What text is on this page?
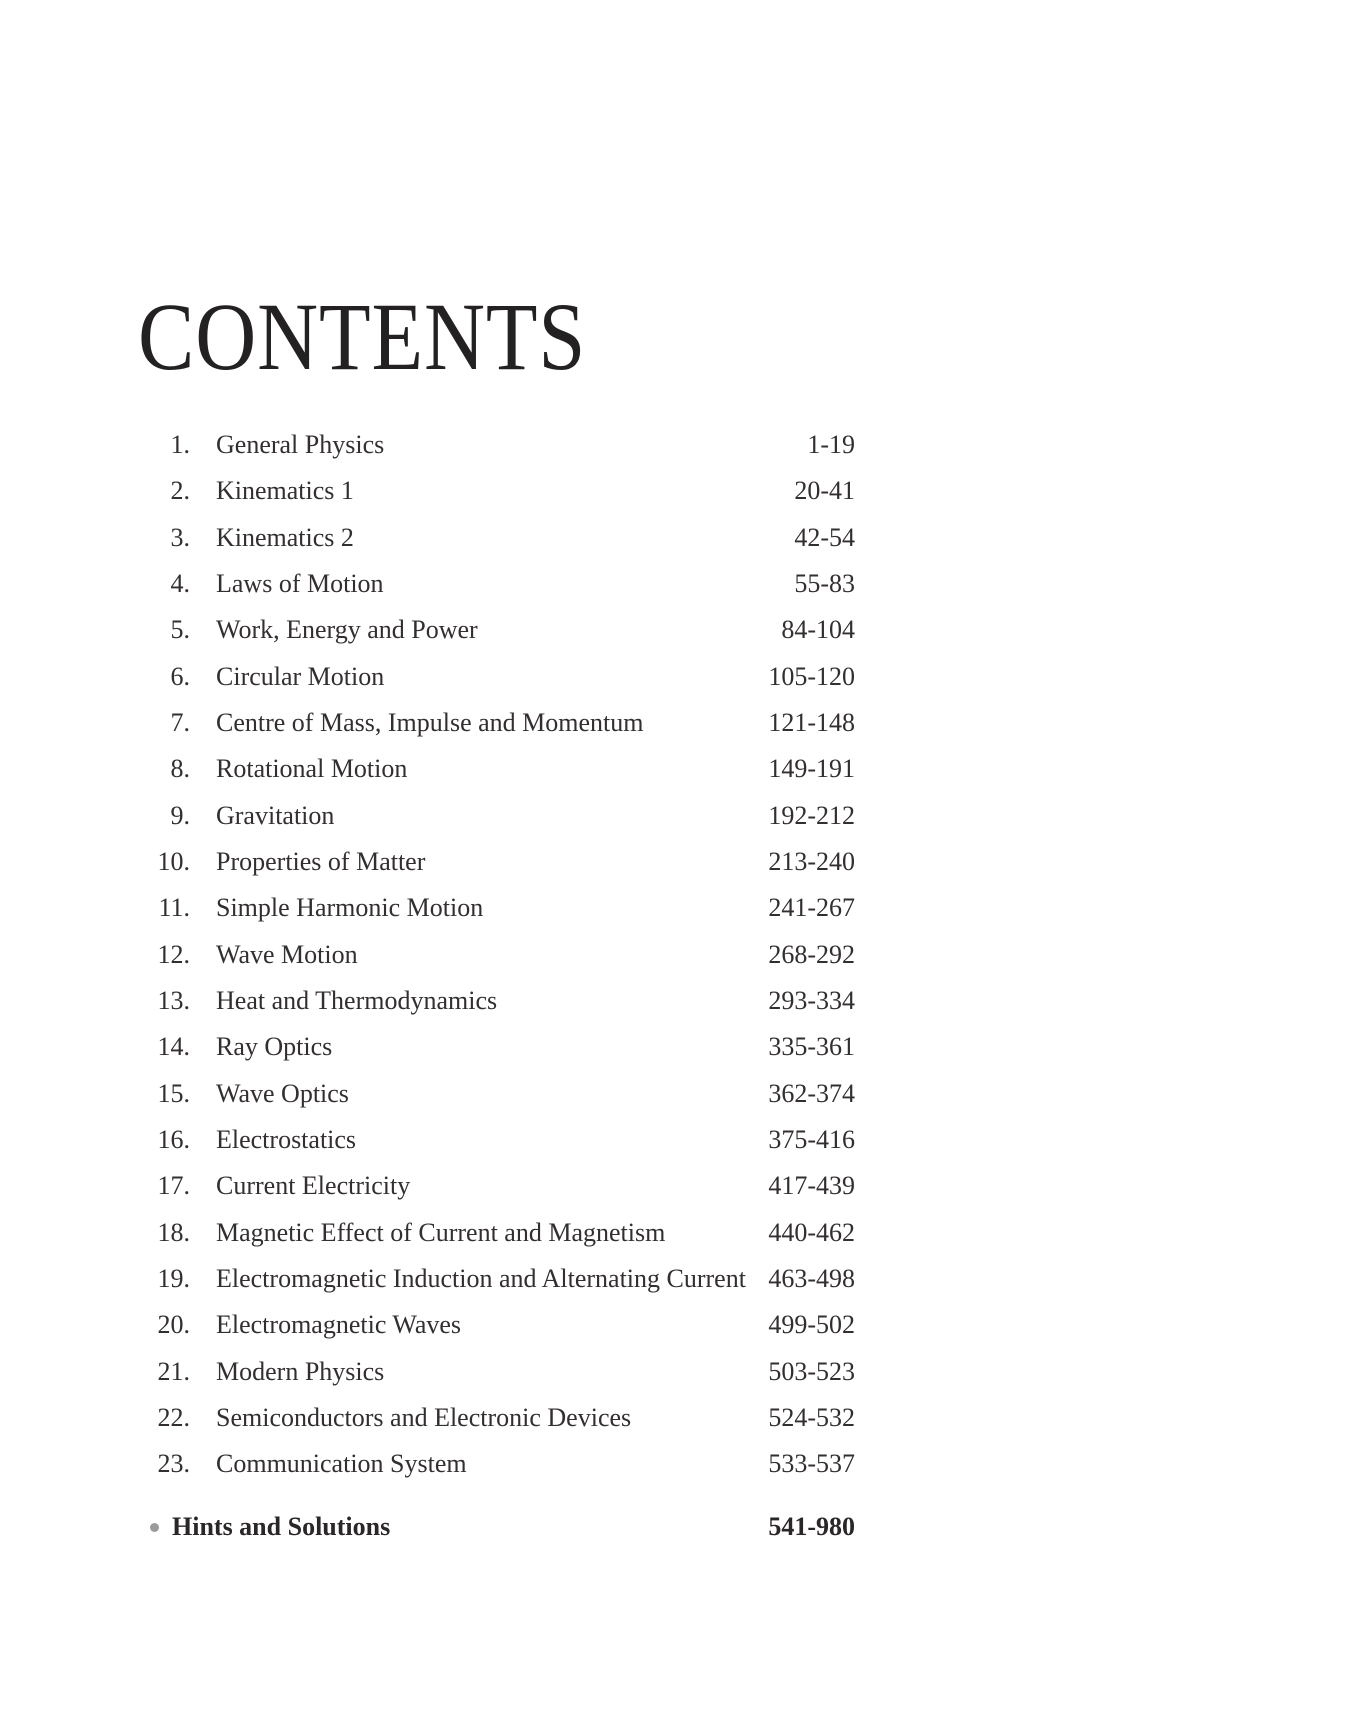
CONTENTS
1.	General Physics	1-19
2.	Kinematics 1	20-41
3.	Kinematics 2	42-54
4.	Laws of Motion	55-83
5.	Work, Energy and Power	84-104
6.	Circular Motion	105-120
7.	Centre of Mass, Impulse and Momentum	121-148
8.	Rotational Motion	149-191
9.	Gravitation	192-212
10.	Properties of Matter	213-240
11.	Simple Harmonic Motion	241-267
12.	Wave Motion	268-292
13.	Heat and Thermodynamics	293-334
14.	Ray Optics	335-361
15.	Wave Optics	362-374
16.	Electrostatics	375-416
17.	Current Electricity	417-439
18.	Magnetic Effect of Current and Magnetism	440-462
19.	Electromagnetic Induction and Alternating Current 463-498
20.	Electromagnetic Waves	499-502
21.	Modern Physics	503-523
22.	Semiconductors and Electronic Devices	524-532
23.	Communication System	533-537
Hints and Solutions	541-980
